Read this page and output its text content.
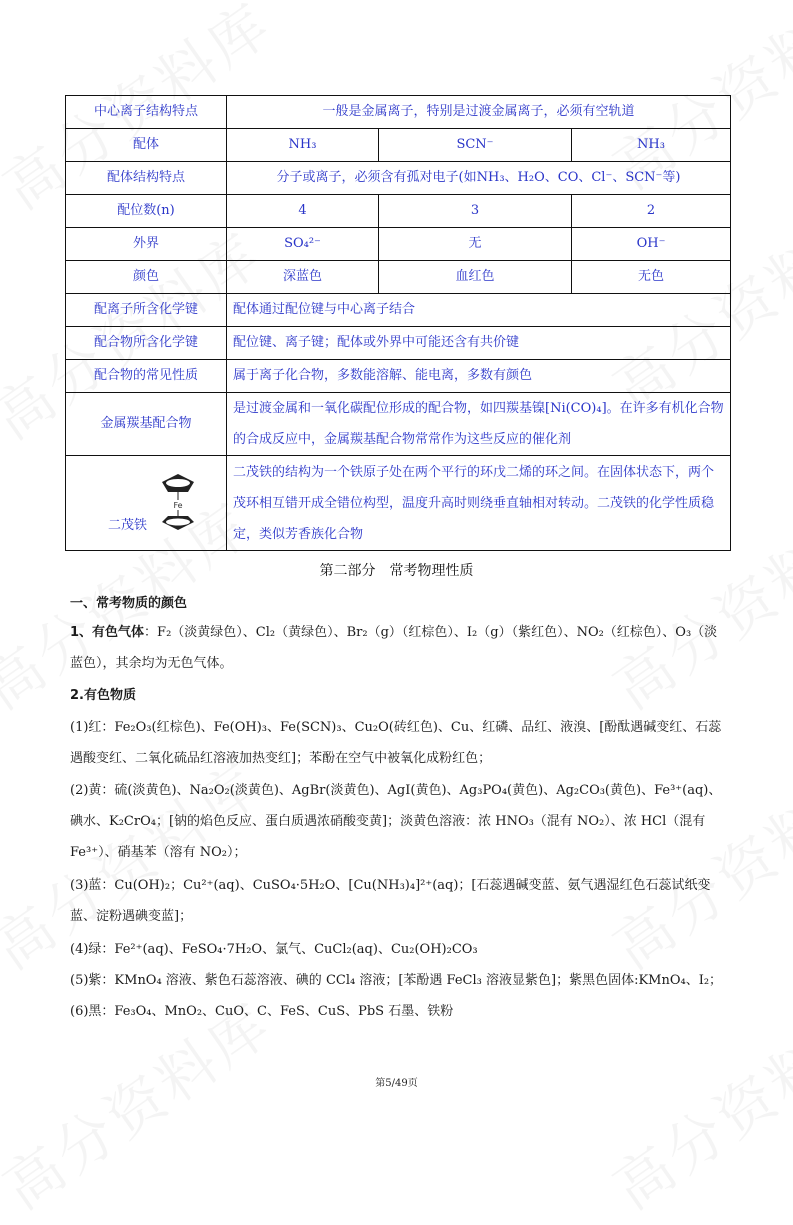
中心离子结构特点	一般是金属离子，特别是过渡金属离子，必须有空轨道		
配体	NH₃	SCN⁻	NH₃
配体结构特点	分子或离子，必须含有孤对电子(如NH₃、H₂O、CO、Cl⁻、SCN⁻等)		
配位数(n)	4	3	2
外界	SO₄²⁻	无	OH⁻
颜色	深蓝色	血红色	无色
配离子所含化学键	配体通过配位键与中心离子结合		
配合物所含化学键	配位键、离子键；配体或外界中可能还含有共价键		
配合物的常见性质	属于离子化合物，多数能溶解、能电离，多数有颜色		
金属羰基配合物	是过渡金属和一氧化碳配位形成的配合物，如四羰基镍[Ni(CO)₄]。在许多有机化合物的合成反应中，金属羰基配合物常常作为这些反应的催化剂		

Fe
二茂铁	二茂铁的结构为一个铁原子处在两个平行的环戊二烯的环之间。在固体状态下，两个茂环相互错开成全错位构型，温度升高时则绕垂直轴相对转动。二茂铁的化学性质稳定，类似芳香族化合物		
第二部分　常考物理性质
一、常考物质的颜色
1、有色气体：F₂（淡黄绿色）、Cl₂（黄绿色）、Br₂（g）（红棕色）、I₂（g）（紫红色）、NO₂（红棕色）、O₃（淡蓝色），其余均为无色气体。
2.有色物质
(1)红：Fe₂O₃(红棕色)、Fe(OH)₃、Fe(SCN)₃、Cu₂O(砖红色)、Cu、红磷、品红、液溴、[酚酞遇碱变红、石蕊遇酸变红、二氧化硫品红溶液加热变红]；苯酚在空气中被氧化成粉红色；
(2)黄：硫(淡黄色)、Na₂O₂(淡黄色)、AgBr(淡黄色)、AgI(黄色)、Ag₃PO₄(黄色)、Ag₂CO₃(黄色)、Fe³⁺(aq)、碘水、K₂CrO₄；[钠的焰色反应、蛋白质遇浓硝酸变黄]；淡黄色溶液：浓 HNO₃（混有 NO₂）、浓 HCl（混有 Fe³⁺）、硝基苯（溶有 NO₂）；
(3)蓝：Cu(OH)₂；Cu²⁺(aq)、CuSO₄·5H₂O、[Cu(NH₃)₄]²⁺(aq)；[石蕊遇碱变蓝、氨气遇湿红色石蕊试纸变蓝、淀粉遇碘变蓝]；
(4)绿：Fe²⁺(aq)、FeSO₄·7H₂O、氯气、CuCl₂(aq)、Cu₂(OH)₂CO₃
(5)紫：KMnO₄ 溶液、紫色石蕊溶液、碘的 CCl₄ 溶液；[苯酚遇 FeCl₃ 溶液显紫色]；紫黑色固体:KMnO₄、I₂；
(6)黑：Fe₃O₄、MnO₂、CuO、C、FeS、CuS、PbS 石墨、铁粉
第5/49页
